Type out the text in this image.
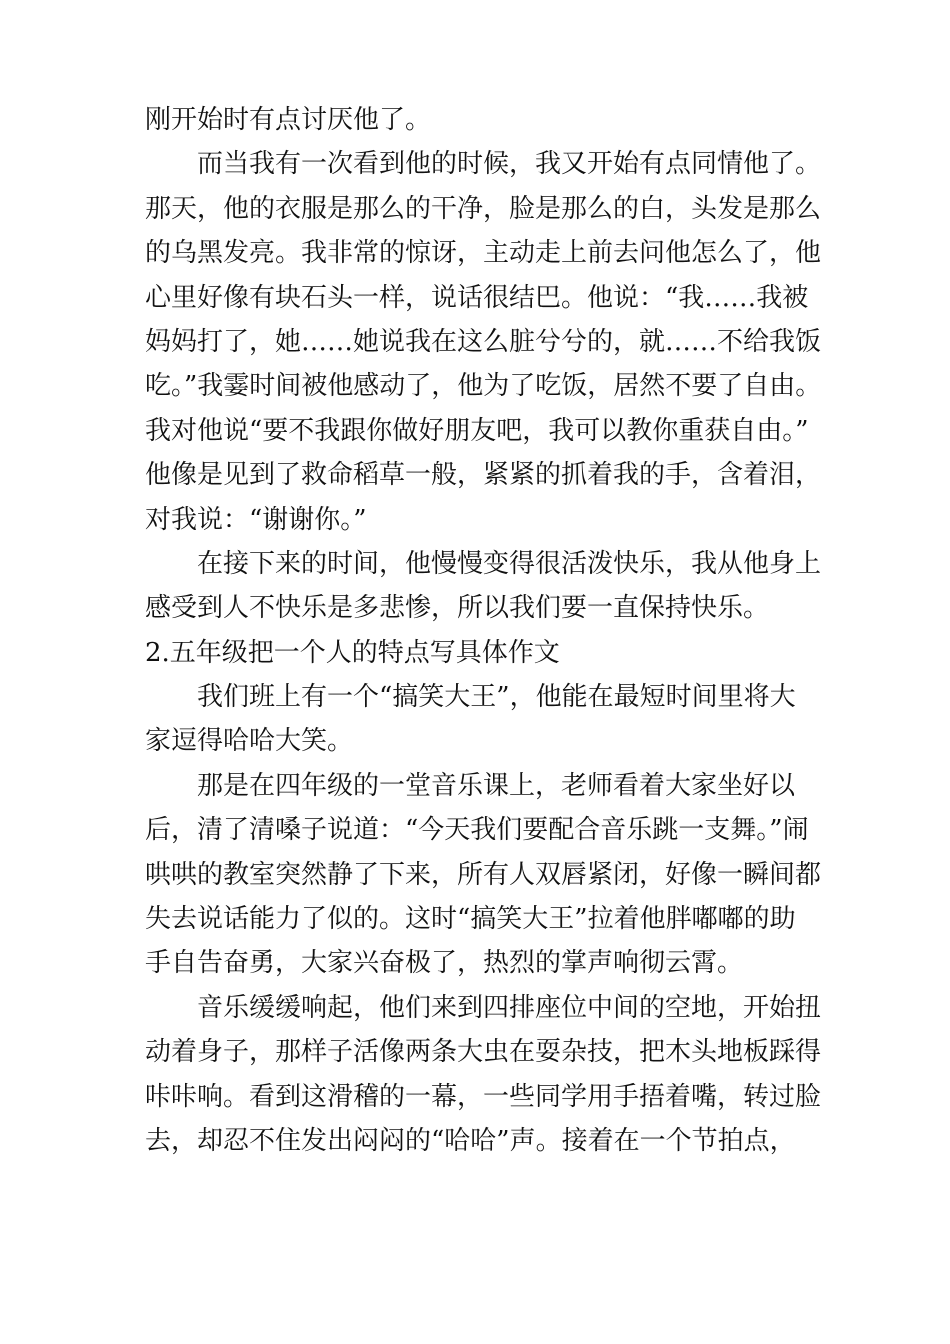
刚开始时有点讨厌他了。
而当我有一次看到他的时候，我又开始有点同情他了。
那天，他的衣服是那么的干净，脸是那么的白，头发是那么
的乌黑发亮。我非常的惊讶，主动走上前去问他怎么了，他
心里好像有块石头一样，说话很结巴。他说：“我……我被
妈妈打了，她……她说我在这么脏兮兮的，就……不给我饭
吃。”我霎时间被他感动了，他为了吃饭，居然不要了自由。
我对他说“要不我跟你做好朋友吧，我可以教你重获自由。”
他像是见到了救命稻草一般，紧紧的抓着我的手，含着泪，
对我说：“谢谢你。”
在接下来的时间，他慢慢变得很活泼快乐，我从他身上
感受到人不快乐是多悲惨，所以我们要一直保持快乐。
2.五年级把一个人的特点写具体作文
我们班上有一个“搞笑大王”，他能在最短时间里将大
家逗得哈哈大笑。
那是在四年级的一堂音乐课上，老师看着大家坐好以
后，清了清嗓子说道：“今天我们要配合音乐跳一支舞。”闹
哄哄的教室突然静了下来，所有人双唇紧闭，好像一瞬间都
失去说话能力了似的。这时“搞笑大王”拉着他胖嘟嘟的助
手自告奋勇，大家兴奋极了，热烈的掌声响彻云霄。
音乐缓缓响起，他们来到四排座位中间的空地，开始扭
动着身子，那样子活像两条大虫在耍杂技，把木头地板踩得
咔咔响。看到这滑稽的一幕，一些同学用手捂着嘴，转过脸
去，却忍不住发出闷闷的“哈哈”声。接着在一个节拍点，
